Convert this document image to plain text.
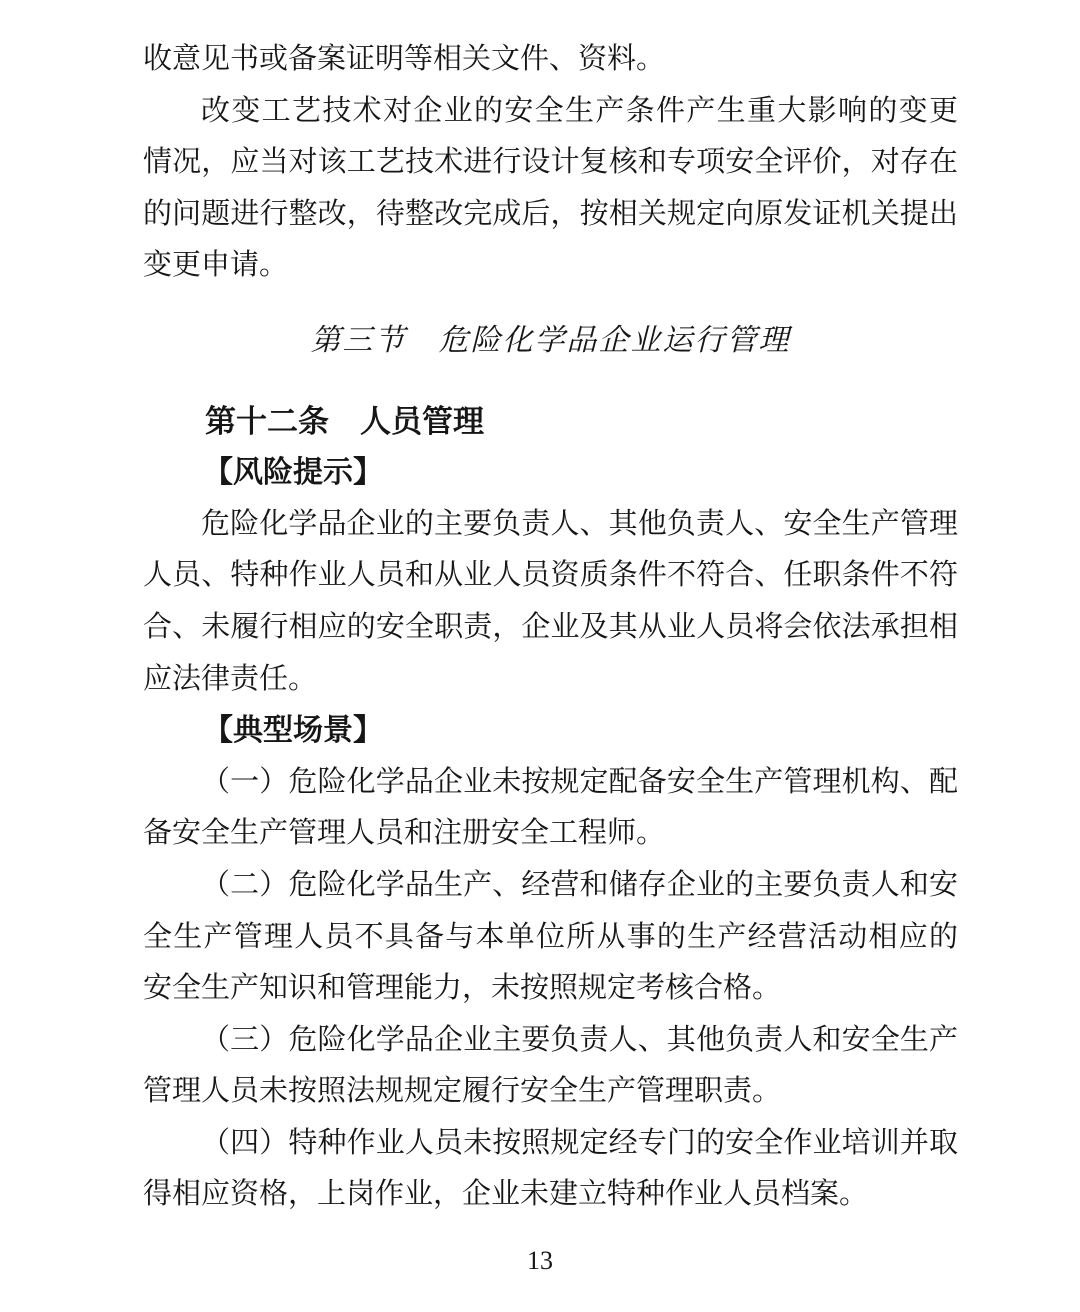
收意见书或备案证明等相关文件、资料。

改变工艺技术对企业的安全生产条件产生重大影响的变更
情况，应当对该工艺技术进行设计复核和专项安全评价，对存在
的问题进行整改，待整改完成后，按相关规定向原发证机关提出
变更申请。

第三节　危险化学品企业运行管理
第十二条　人员管理
【风险提示】

危险化学品企业的主要负责人、其他负责人、安全生产管理
人员、特种作业人员和从业人员资质条件不符合、任职条件不符
合、未履行相应的安全职责，企业及其从业人员将会依法承担相
应法律责任。

【典型场景】

（一）危险化学品企业未按规定配备安全生产管理机构、配
备安全生产管理人员和注册安全工程师。

（二）危险化学品生产、经营和储存企业的主要负责人和安
全生产管理人员不具备与本单位所从事的生产经营活动相应的
安全生产知识和管理能力，未按照规定考核合格。

（三）危险化学品企业主要负责人、其他负责人和安全生产
管理人员未按照法规规定履行安全生产管理职责。

（四）特种作业人员未按照规定经专门的安全作业培训并取
得相应资格，上岗作业，企业未建立特种作业人员档案。

13
